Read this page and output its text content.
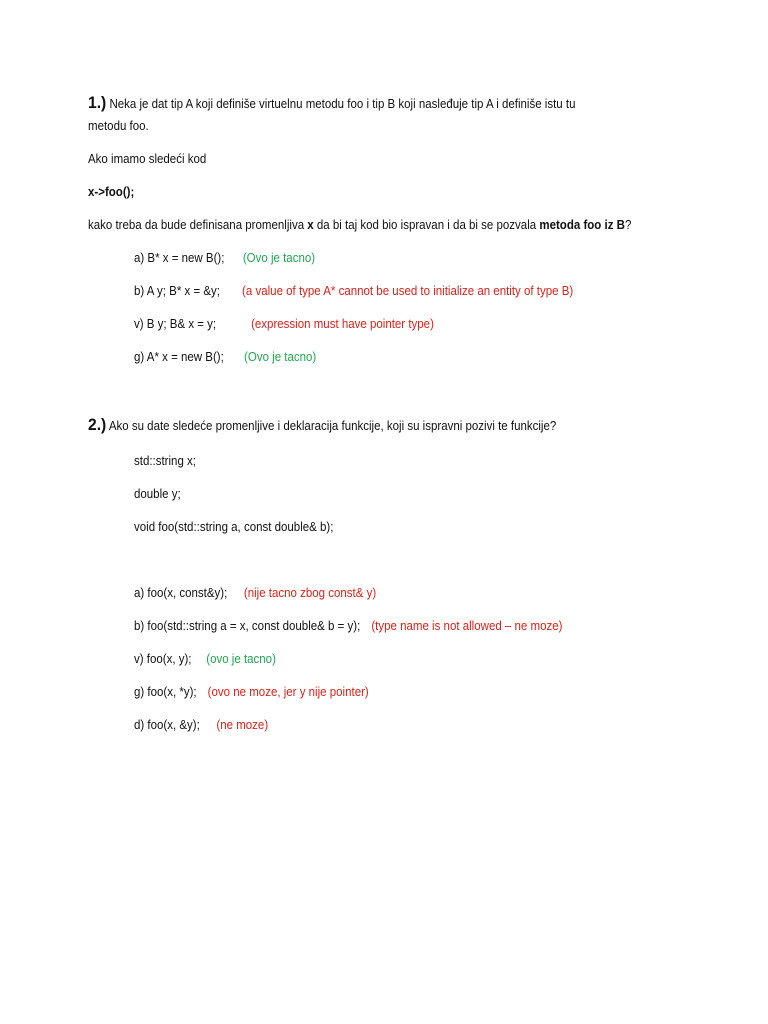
1.) Neka je dat tip A koji definiše virtuelnu metodu foo i tip B koji nasleđuje tip A i definiše istu tu
metodu foo.
Ako imamo sledeći kod
x->foo();
kako treba da bude definisana promenljiva x da bi taj kod bio ispravan i da bi se pozvala metoda foo iz B?
a) B* x = new B(); (Ovo je tacno)
b) A y; B* x = &y; (a value of type A* cannot be used to initialize an entity of type B)
v) B y; B& x = y;	(expression must have pointer type)
g) A* x = new B(); (Ovo je tacno)
2.) Ako su date sledeće promenljive i deklaracija funkcije, koji su ispravni pozivi te funkcije?
std::string x;
double y;
void foo(std::string a, const double& b);
a) foo(x, const&y); (nije tacno zbog const& y)
b) foo(std::string a = x, const double& b = y); (type name is not allowed – ne moze)
v) foo(x, y); (ovo je tacno)
g) foo(x, *y); (ovo ne moze, jer y nije pointer)
d) foo(x, &y); (ne moze)
